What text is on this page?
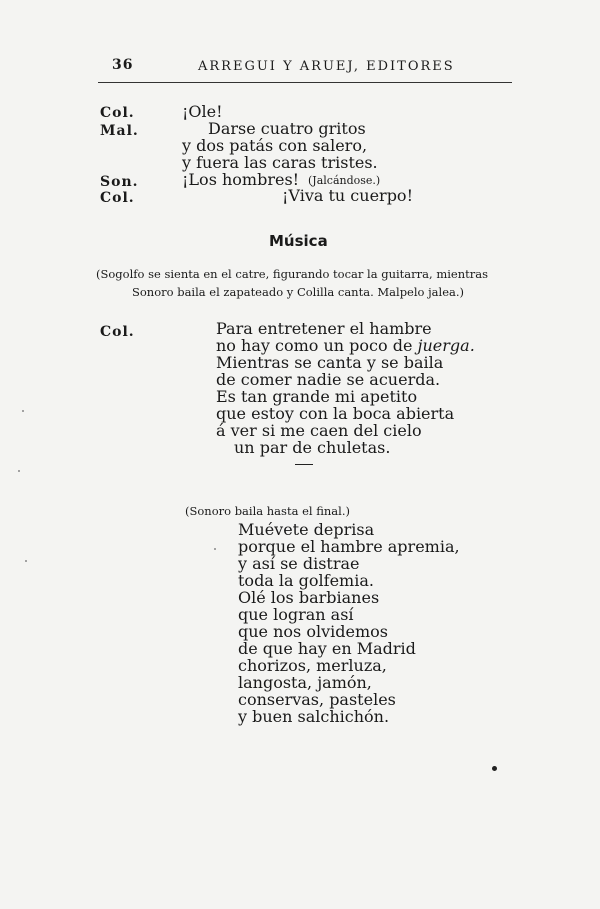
36	ARREGUI Y ARUEJ, EDITORES
Col.	¡Ole!
Mal.	Darse cuatro gritos
y dos patás con salero,
y fuera las caras tristes.
Son.	¡Los hombres! (Jalcándose.)
Col.	¡Viva tu cuerpo!
Música
(Sogolfo se sienta en el catre, figurando tocar la guitarra, mientras
Sonoro baila el zapateado y Colilla canta. Malpelo jalea.)
Col.	Para entretener el hambre
no hay como un poco de juerga.
Mientras se canta y se baila
de comer nadie se acuerda.
Es tan grande mi apetito
que estoy con la boca abierta
á ver si me caen del cielo
un par de chuletas.
(Sonoro baila hasta el final.)
Muévete deprisa
porque el hambre apremia,
y así se distrae
toda la golfemia.
Olé los barbianes
que logran así
que nos olvidemos
de que hay en Madrid
chorizos, merluza,
langosta, jamón,
conservas, pasteles
y buen salchichón.
